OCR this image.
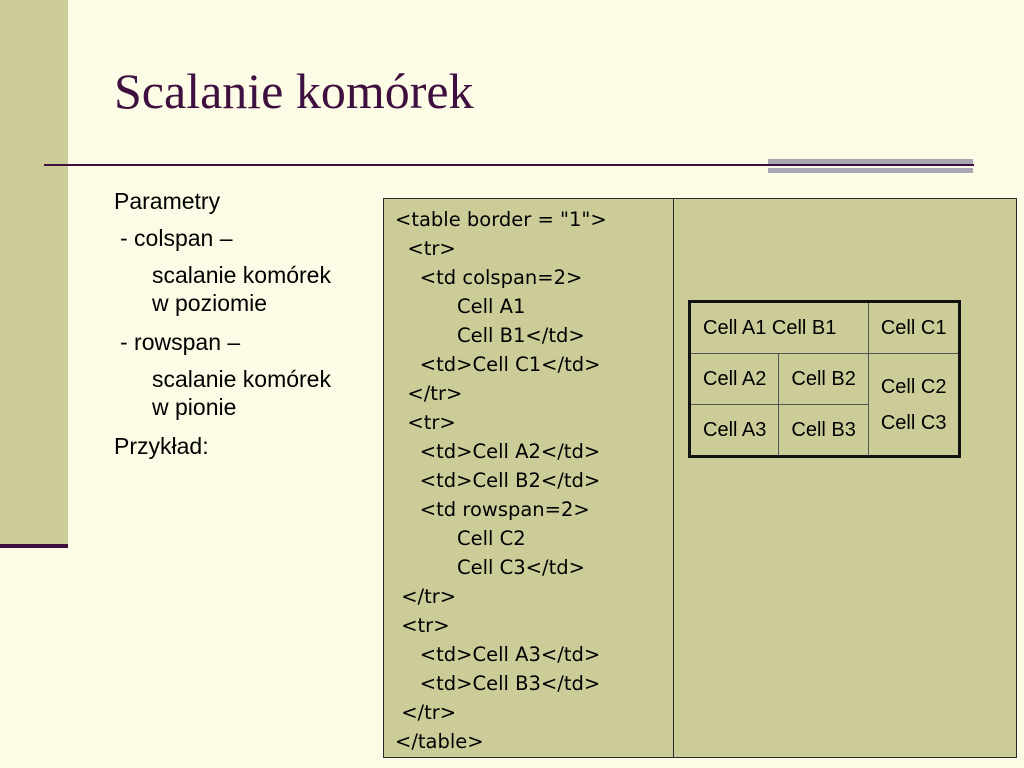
Scalanie komórek
Parametry
- colspan –
scalanie komórek
w poziomie
- rowspan –
scalanie komórek
w pionie
Przykład:
<table border = "1">
<tr>
<td colspan=2>
Cell A1
Cell B1</td>
<td>Cell C1</td>
</tr>
<tr>
<td>Cell A2</td>
<td>Cell B2</td>
<td rowspan=2>
Cell C2
Cell C3</td>
</tr>
<tr>
<td>Cell A3</td>
<td>Cell B3</td>
</tr>
</table>
Cell A1 Cell B1		Cell C1
Cell A2	Cell B2	Cell C2
Cell C3
Cell A3	Cell B3	
